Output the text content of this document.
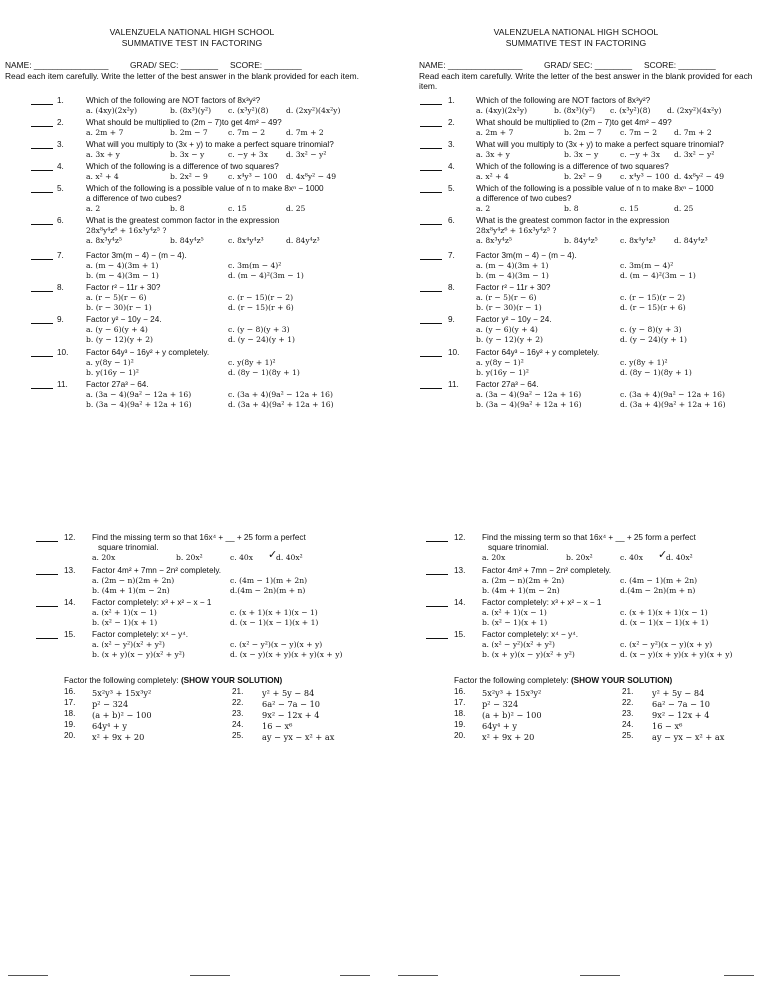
VALENZUELA NATIONAL HIGH SCHOOL
SUMMATIVE TEST IN FACTORING
NAME: ________________	GRAD/ SEC: ________ SCORE: ________
Read each item carefully. Write the letter of the best answer in the blank provided for each item.
1.	Which of the following are NOT factors of 8x³y²?
a. (4xy)(2x²y)	b. (8x³)(y²) c. (x³y²)(8) d. (2xy²)(4x²y)
2.	What should be multiplied to (2m − 7)to get 4m² − 49?
a. 2m + 7	b. 2m − 7	c. 7m − 2	d. 7m + 2
3.	What will you multiply to (3x + y) to make a perfect square trinomial?
a. 3x + y	b. 3x − y	c. −y + 3x d. 3x² − y²
4.	Which of the following is a difference of two squares?
a. x² + 4	b. 2x² − 9	c. x⁴y³ − 100 d. 4x⁸y² − 49
5.	Which of the following is a possible value of n to make 8xⁿ − 1000
a difference of two cubes?
a. 2	b. 8	c. 15	d. 25
6.	What is the greatest common factor in the expression
28x⁸y⁴z⁶ + 16x³y⁴z⁵ ?
a. 8x³y⁴z⁵	b. 84y⁴z⁵	c. 8x⁴y⁴z³	d. 84y⁴z³
7.	Factor 3m(m − 4) − (m − 4).
a. (m − 4)(3m + 1)	c. 3m(m − 4)²
b. (m − 4)(3m − 1)	d. (m − 4)²(3m − 1)
8.	Factor r² − 11r + 30?
a. (r − 5)(r − 6)	c. (r − 15)(r − 2)
b. (r − 30)(r − 1)	d. (r − 15)(r + 6)
9.	Factor y² − 10y − 24.
a. (y − 6)(y + 4)	c. (y − 8)(y + 3)
b. (y − 12)(y + 2)	d. (y − 24)(y + 1)
10. Factor 64y³ − 16y² + y completely.
a. y(8y − 1)²	c. y(8y + 1)²
b. y(16y − 1)²	d. (8y − 1)(8y + 1)
11. Factor 27a³ − 64.
a. (3a − 4)(9a² − 12a + 16)	c. (3a + 4)(9a² − 12a + 16)
b. (3a − 4)(9a² + 12a + 16)	d. (3a + 4)(9a² + 12a + 16)
12. Find the missing term so that 16x⁴ + __ + 25 form a perfect
square trinomial.
a. 20x	b. 20x²	c. 40x ✓
d. 40x²
13. Factor 4m² + 7mn − 2n² completely.
a. (2m − n)(2m + 2n)	c. (4m − 1)(m + 2n)
b. (4m + 1)(m − 2n)	d.(4m − 2n)(m + n)
14. Factor completely: x³ + x² − x − 1
a. (x² + 1)(x − 1)	c. (x + 1)(x + 1)(x − 1)
b. (x² − 1)(x + 1)	d. (x − 1)(x − 1)(x + 1)
15. Factor completely: x⁴ − y⁴.
a. (x² − y²)(x² + y²)	c. (x² − y²)(x − y)(x + y)
b. (x + y)(x − y)(x² + y²)	d. (x − y)(x + y)(x + y)(x + y)
Factor the following completely: (SHOW YOUR SOLUTION)
16. 5x²y³ + 15x³y²
17. p² − 324
18. (a + b)² − 100
19. 64y⁴ + y
20. x² + 9x + 20
21. y² + 5y − 84
22. 6a² − 7a − 10
23. 9x² − 12x + 4
24. 16 − x⁶
25. ay − yx − x² + ax
VALENZUELA NATIONAL HIGH SCHOOL
SUMMATIVE TEST IN FACTORING
NAME: ________________	GRAD/ SEC: ________ SCORE: ________
Read each item carefully. Write the letter of the best answer in the blank provided for each item.
1.	Which of the following are NOT factors of 8x³y²?
a. (4xy)(2x²y)	b. (8x³)(y²) c. (x³y²)(8) d. (2xy²)(4x²y)
2.	What should be multiplied to (2m − 7)to get 4m² − 49?
a. 2m + 7	b. 2m − 7 c. 7m − 2 d. 7m + 2
3.	What will you multiply to (3x + y) to make a perfect square trinomial?
a. 3x + y	b. 3x − y	c. −y + 3x d. 3x² − y²
4.	Which of the following is a difference of two squares?
a. x² + 4	b. 2x² − 9 c. x⁴y³ − 100 d. 4x⁸y² − 49
5.	Which of the following is a possible value of n to make 8xⁿ − 1000
a difference of two cubes?
a. 2	b. 8	c. 15	d. 25
6.	What is the greatest common factor in the expression
28x⁸y⁴z⁶ + 16x³y⁴z⁵ ?
a. 8x³y⁴z⁵	b. 84y⁴z⁵	c. 8x⁴y⁴z³ d. 84y⁴z³
7.	Factor 3m(m − 4) − (m − 4).
a. (m − 4)(3m + 1)	c. 3m(m − 4)²
b. (m − 4)(3m − 1)	d. (m − 4)²(3m − 1)
8.	Factor r² − 11r + 30?
a. (r − 5)(r − 6)	c. (r − 15)(r − 2)
b. (r − 30)(r − 1)	d. (r − 15)(r + 6)
9.	Factor y² − 10y − 24.
a. (y − 6)(y + 4)	c. (y − 8)(y + 3)
b. (y − 12)(y + 2)	d. (y − 24)(y + 1)
10. Factor 64y³ − 16y² + y completely.
a. y(8y − 1)²	c. y(8y + 1)²
b. y(16y − 1)²	d. (8y − 1)(8y + 1)
11. Factor 27a³ − 64.
a. (3a − 4)(9a² − 12a + 16)	c. (3a + 4)(9a² − 12a + 16)
b. (3a − 4)(9a² + 12a + 16)	d. (3a + 4)(9a² + 12a + 16)
12. Find the missing term so that 16x⁴ + __ + 25 form a perfect
square trinomial.
a. 20x	b. 20x²	c. 40x ✓
d. 40x²
13. Factor 4m² + 7mn − 2n² completely.
a. (2m − n)(2m + 2n)	c. (4m − 1)(m + 2n)
b. (4m + 1)(m − 2n)	d.(4m − 2n)(m + n)
14. Factor completely: x³ + x² − x − 1
a. (x² + 1)(x − 1)	c. (x + 1)(x + 1)(x − 1)
b. (x² − 1)(x + 1)	d. (x − 1)(x − 1)(x + 1)
15. Factor completely: x⁴ − y⁴.
a. (x² − y²)(x² + y²)	c. (x² − y²)(x − y)(x + y)
b. (x + y)(x − y)(x² + y²)	d. (x − y)(x + y)(x + y)(x + y)
Factor the following completely: (SHOW YOUR SOLUTION)
16. 5x²y³ + 15x³y²
17. p² − 324
18. (a + b)² − 100
19. 64y⁴ + y
20. x² + 9x + 20
21. y² + 5y − 84
22. 6a² − 7a − 10
23. 9x² − 12x + 4
24. 16 − x⁶
25. ay − yx − x² + ax
